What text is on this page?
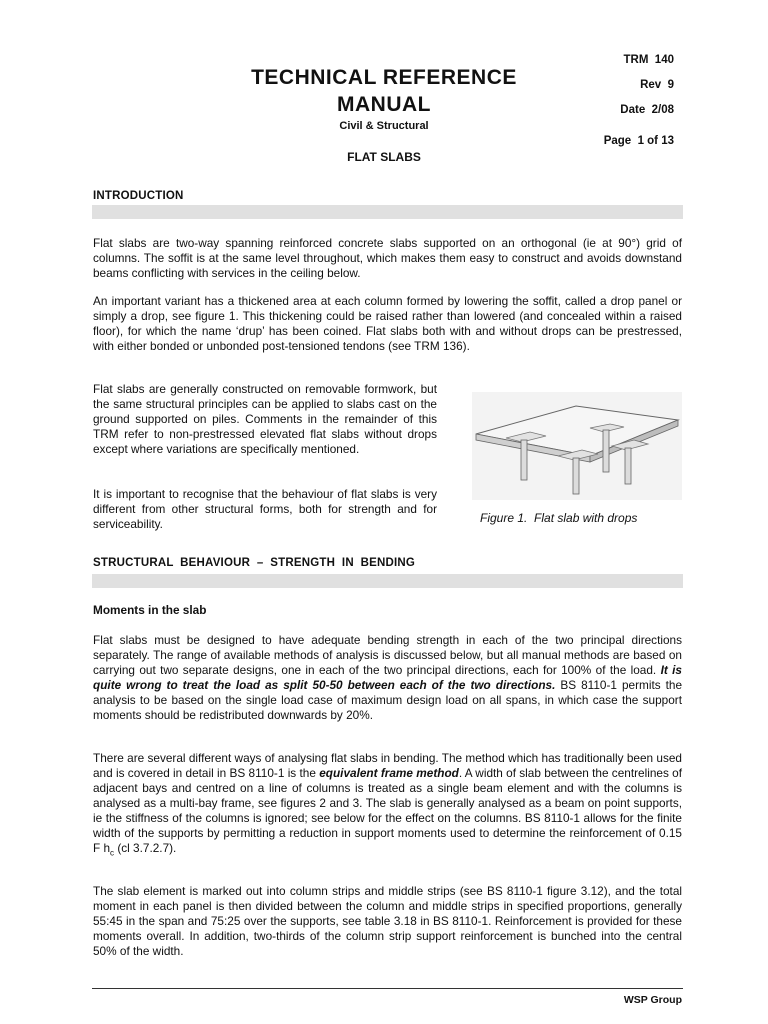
TECHNICAL REFERENCE
MANUAL
Civil & Structural
FLAT SLABS
TRM  140
Rev  9
Date  2/08
Page  1 of 13
INTRODUCTION

Flat slabs are two-way spanning reinforced concrete slabs supported on an orthogonal (ie at 90°) grid of columns. The soffit is at the same level throughout, which makes them easy to construct and avoids downstand beams conflicting with services in the ceiling below.

An important variant has a thickened area at each column formed by lowering the soffit, called a drop panel or simply a drop, see figure 1. This thickening could be raised rather than lowered (and concealed within a raised floor), for which the name ‘drup’ has been coined. Flat slabs both with and without drops can be prestressed, with either bonded or unbonded post-tensioned tendons (see TRM 136).

Flat slabs are generally constructed on removable formwork, but the same structural principles can be applied to slabs cast on the ground supported on piles. Comments in the remainder of this TRM refer to non-prestressed elevated flat slabs without drops except where variations are specifically mentioned.

It is important to recognise that the behaviour of flat slabs is very different from other structural forms, both for strength and for serviceability.	Figure 1.  Flat slab with drops
STRUCTURAL  BEHAVIOUR  –  STRENGTH  IN  BENDING
Moments in the slab

Flat slabs must be designed to have adequate bending strength in each of the two principal directions separately. The range of available methods of analysis is discussed below, but all manual methods are based on carrying out two separate designs, one in each of the two principal directions, each for 100% of the load. It is quite wrong to treat the load as split 50-50 between each of the two directions. BS 8110-1 permits the analysis to be based on the single load case of maximum design load on all spans, in which case the support moments should be redistributed downwards by 20%.

There are several different ways of analysing flat slabs in bending. The method which has traditionally been used and is covered in detail in BS 8110-1 is the equivalent frame method. A width of slab between the centrelines of adjacent bays and centred on a line of columns is treated as a single beam element and with the columns is analysed as a multi-bay frame, see figures 2 and 3. The slab is generally analysed as a beam on point supports, ie the stiffness of the columns is ignored; see below for the effect on the columns. BS 8110-1 allows for the finite width of the supports by permitting a reduction in support moments used to determine the reinforcement of 0.15 F $h_c$ (cl 3.7.2.7).

The slab element is marked out into column strips and middle strips (see BS 8110-1 figure 3.12), and the total moment in each panel is then divided between the column and middle strips in specified proportions, generally 55:45 in the span and 75:25 over the supports, see table 3.18 in BS 8110-1. Reinforcement is provided for these moments overall. In addition, two-thirds of the column strip support reinforcement is bunched into the central 50% of the width.

WSP Group
